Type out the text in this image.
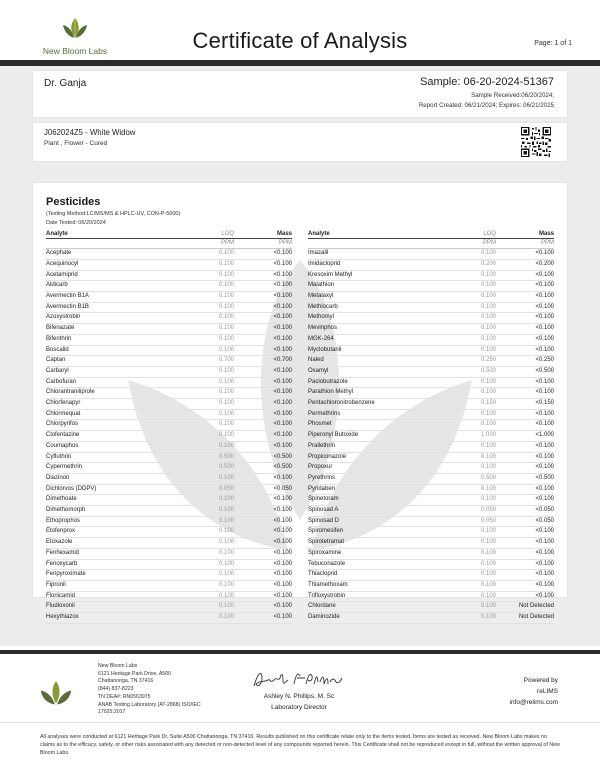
New Bloom Labs	Certificate of Analysis	Page: 1 of 1
Dr. Ganja	Sample: 06-20-2024-51367
Sample Received:06/20/2024;
Report Created: 06/21/2024; Expires: 06/21/2025
J062024Z5 - White Widow
Plant , Flower - Cured
Pesticides
(Testing Method:LC/MS/MS & HPLC-UV, CON-P-5000)
Date Tested: 06/20/2024
Analyte	LOQ	Mass
	PPM	PPM
Acephate	0.100	<0.100
Acequinocyl	0.100	<0.100
Acetamiprid	0.100	<0.100
Aldicarb	0.100	<0.100
Avermectin B1A	0.100	<0.100
Avermectin B1B	0.100	<0.100
Azoxystrobin	0.100	<0.100
Bifenazate	0.100	<0.100
Bifenthrin	0.100	<0.100
Boscalid	0.100	<0.100
Captan	0.700	<0.700
Carbaryl	0.100	<0.100
Carbofuran	0.100	<0.100
Chlorantraniliprole	0.100	<0.100
Chlorfenapyr	0.100	<0.100
Chlormequat	0.100	<0.100
Chlorpyrifos	0.100	<0.100
Clofentazine	0.100	<0.100
Coumaphos	0.100	<0.100
Cyfluthrin	0.500	<0.500
Cypermethrin	0.500	<0.500
Diazinon	0.100	<0.100
Dichlorvos (DDPV)	0.050	<0.050
Dimethoate	0.100	<0.100
Dimethomorph	0.100	<0.100
Ethoprophos	0.100	<0.100
Etofenprox	0.100	<0.100
Etoxazole	0.100	<0.100
Fenhexamid	0.100	<0.100
Fenoxycarb	0.100	<0.100
Fenpyroximate	0.100	<0.100
Fipronil	0.100	<0.100
Flonicamid	0.100	<0.100
Fludioxonil	0.100	<0.100
Hexythiazox	0.100	<0.100
Analyte	LOQ	Mass
	PPM	PPM
Imazalil	0.100	<0.100
Imidacloprid	0.200	<0.200
Kresoxim Methyl	0.100	<0.100
Malathion	0.100	<0.100
Metalaxyl	0.100	<0.100
Methiocarb	0.100	<0.100
Methomyl	0.100	<0.100
Mevinphos	0.100	<0.100
MGK-264	0.100	<0.100
Myclobutanil	0.100	<0.100
Naled	0.250	<0.250
Oxamyl	0.500	<0.500
Paclobutrazole	0.100	<0.100
Parathion Methyl	0.100	<0.100
Pentachloronitrobenzene	0.150	<0.150
Permethrins	0.100	<0.100
Phosmet	0.100	<0.100
Piperonyl Butoxide	1.000	<1.000
Prallethrin	0.100	<0.100
Propiconazole	0.100	<0.100
Propoxur	0.100	<0.100
Pyrethrins	0.500	<0.500
Pyridaben	0.100	<0.100
Spinetoram	0.100	<0.100
Spinosad A	0.050	<0.050
Spinosad D	0.050	<0.050
Spiromesifen	0.100	<0.100
Spirotetramat	0.100	<0.100
Spiroxamine	0.100	<0.100
Tebuconazole	0.100	<0.100
Thiacloprid	0.100	<0.100
Thiamethoxam	0.100	<0.100
Trifloxystrobin	0.100	<0.100
Chlordane	0.100	Not Detected
Daminozide	0.100	Not Detected
New Bloom Labs
6121 Heritage Park Drive, A500
Chattanooga, TN 37416
(844) 837-8223
TN DEA#: RN0563975
ANAB Testing Laboratory (AT-2868) ISO/IEC
17025:2017
Ashley N. Phillips, M. Sc
Laboratory Director
Powered by
reLIMS
info@relims.com
All analyses were conducted at 6121 Heritage Park Dr, Suite A500 Chattanooga, TN 37416. Results published on this certificate relate only to the items tested. Items are tested as received. New Bloom Labs makes no claims as to the efficacy, safety, or other risks associated with any detected or non-detected level of any compounds reported herein. This Certificate shall not be reproduced except in full, without the written approval of New Bloom Labs.
